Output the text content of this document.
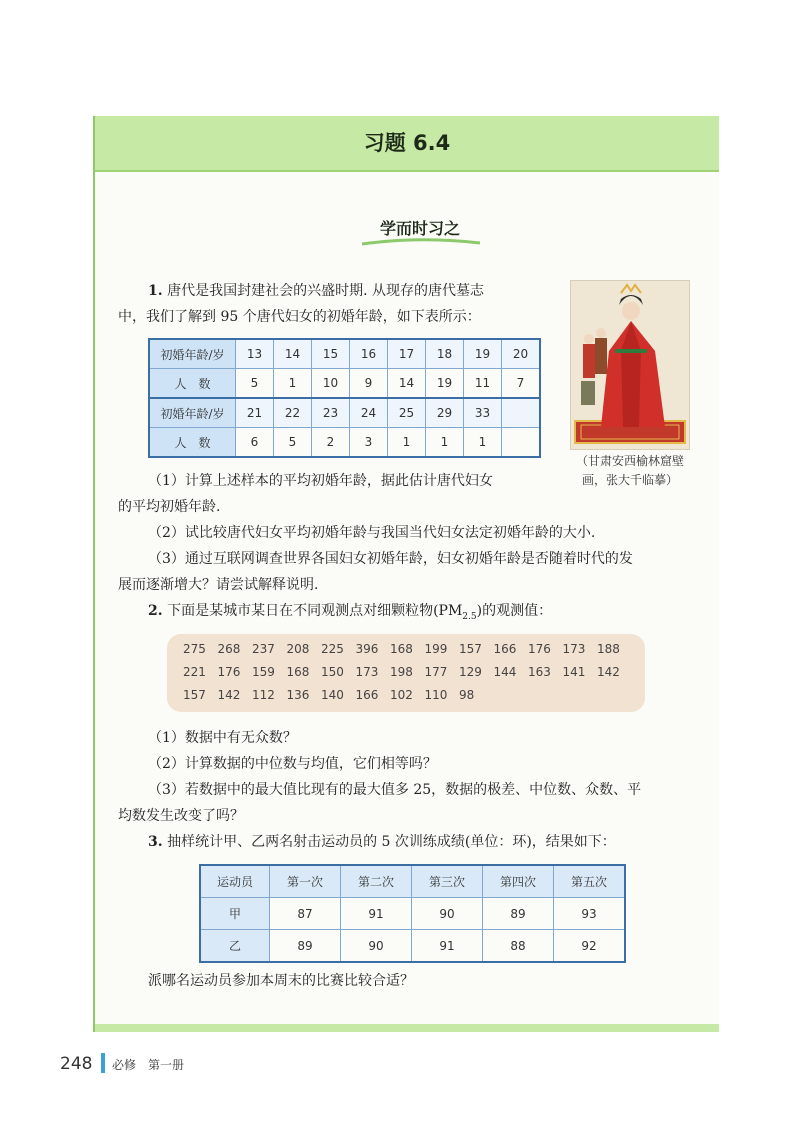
习题 6.4
学而时习之
1. 唐代是我国封建社会的兴盛时期. 从现存的唐代墓志
中，我们了解到 95 个唐代妇女的初婚年龄，如下表所示：
初婚年龄/岁	13	14	15	16	17	18	19	20
人　数	5	1	10	9	14	19	11	7
初婚年龄/岁	21	22	23	24	25	29	33	
人　数	6	5	2	3	1	1	1	
（甘肃安西榆林窟壁
画，张大千临摹）
（1）计算上述样本的平均初婚年龄，据此估计唐代妇女
的平均初婚年龄.
（2）试比较唐代妇女平均初婚年龄与我国当代妇女法定初婚年龄的大小.
（3）通过互联网调查世界各国妇女初婚年龄，妇女初婚年龄是否随着时代的发
展而逐渐增大？请尝试解释说明.
2. 下面是某城市某日在不同观测点对细颗粒物$(PM_{2.5})$的观测值：
275 268 237 208 225 396 168 199 157 166 176 173 188
221 176 159 168 150 173 198 177 129 144 163 141 142
157 142 112 136 140 166 102 110 98
（1）数据中有无众数？
（2）计算数据的中位数与均值，它们相等吗？
（3）若数据中的最大值比现有的最大值多 25，数据的极差、中位数、众数、平
均数发生改变了吗？
3. 抽样统计甲、乙两名射击运动员的 5 次训练成绩(单位：环)，结果如下：
运动员	第一次	第二次	第三次	第四次	第五次
甲	87	91	90	89	93
乙	89	90	91	88	92
派哪名运动员参加本周末的比赛比较合适？
248 必修　第一册
